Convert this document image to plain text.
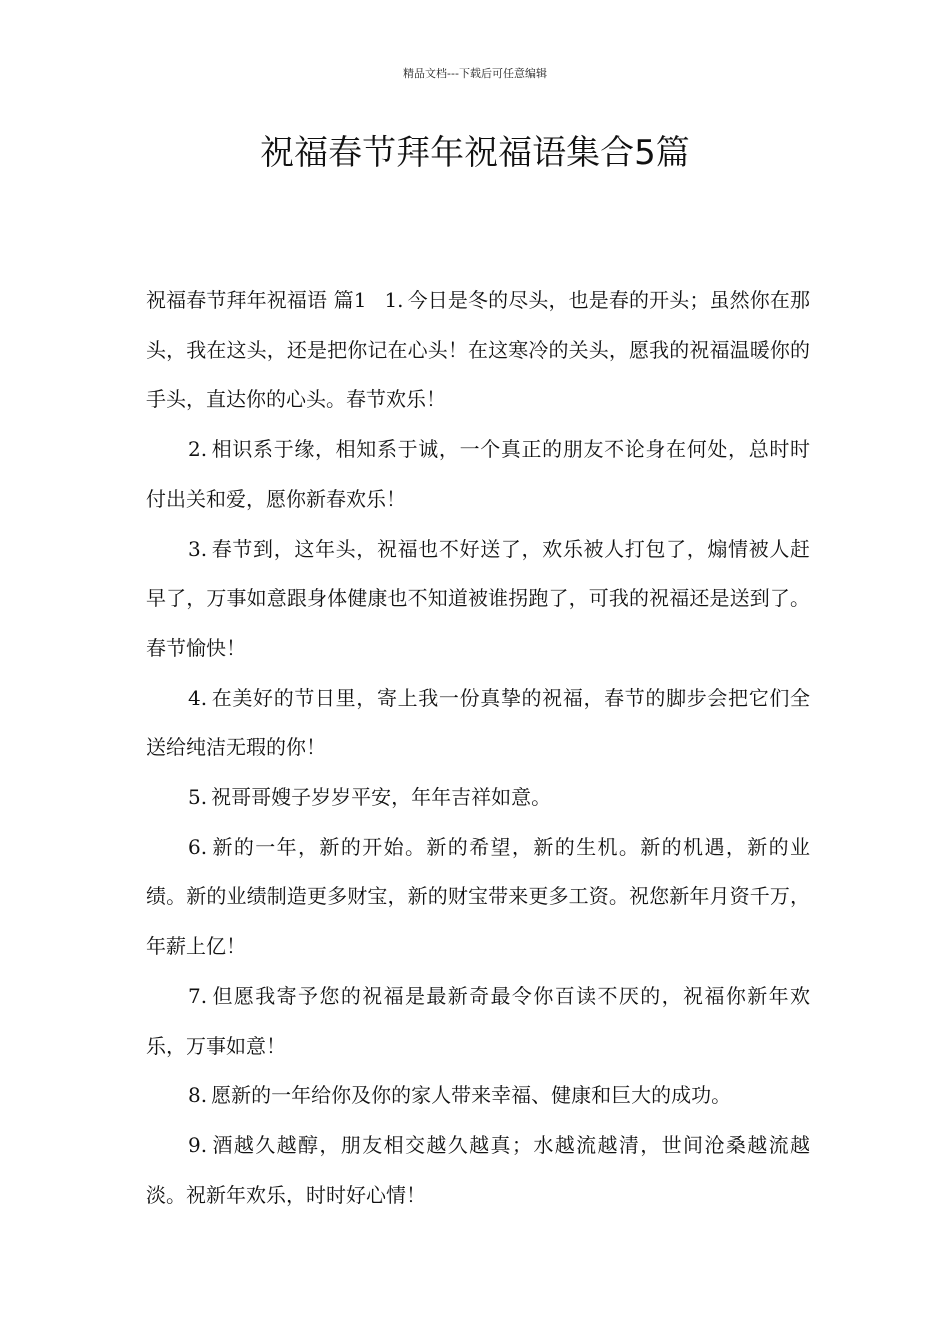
精品文档---下载后可任意编辑
祝福春节拜年祝福语集合5篇

祝福春节拜年祝福语 篇1 1. 今日是冬的尽头，也是春的开头；虽然你在那头，我在这头，还是把你记在心头！在这寒冷的关头，愿我的祝福温暖你的手头，直达你的心头。春节欢乐！

2. 相识系于缘，相知系于诚，一个真正的朋友不论身在何处，总时时付出关和爱，愿你新春欢乐！

3. 春节到，这年头，祝福也不好送了，欢乐被人打包了，煽情被人赶早了，万事如意跟身体健康也不知道被谁拐跑了，可我的祝福还是送到了。春节愉快！

4. 在美好的节日里，寄上我一份真挚的祝福，春节的脚步会把它们全送给纯洁无瑕的你！

5. 祝哥哥嫂子岁岁平安，年年吉祥如意。

6. 新的一年，新的开始。新的希望，新的生机。新的机遇，新的业绩。新的业绩制造更多财宝，新的财宝带来更多工资。祝您新年月资千万，年薪上亿！

7. 但愿我寄予您的祝福是最新奇最令你百读不厌的，祝福你新年欢乐，万事如意！

8. 愿新的一年给你及你的家人带来幸福、健康和巨大的成功。

9. 酒越久越醇，朋友相交越久越真；水越流越清，世间沧桑越流越淡。祝新年欢乐，时时好心情！
